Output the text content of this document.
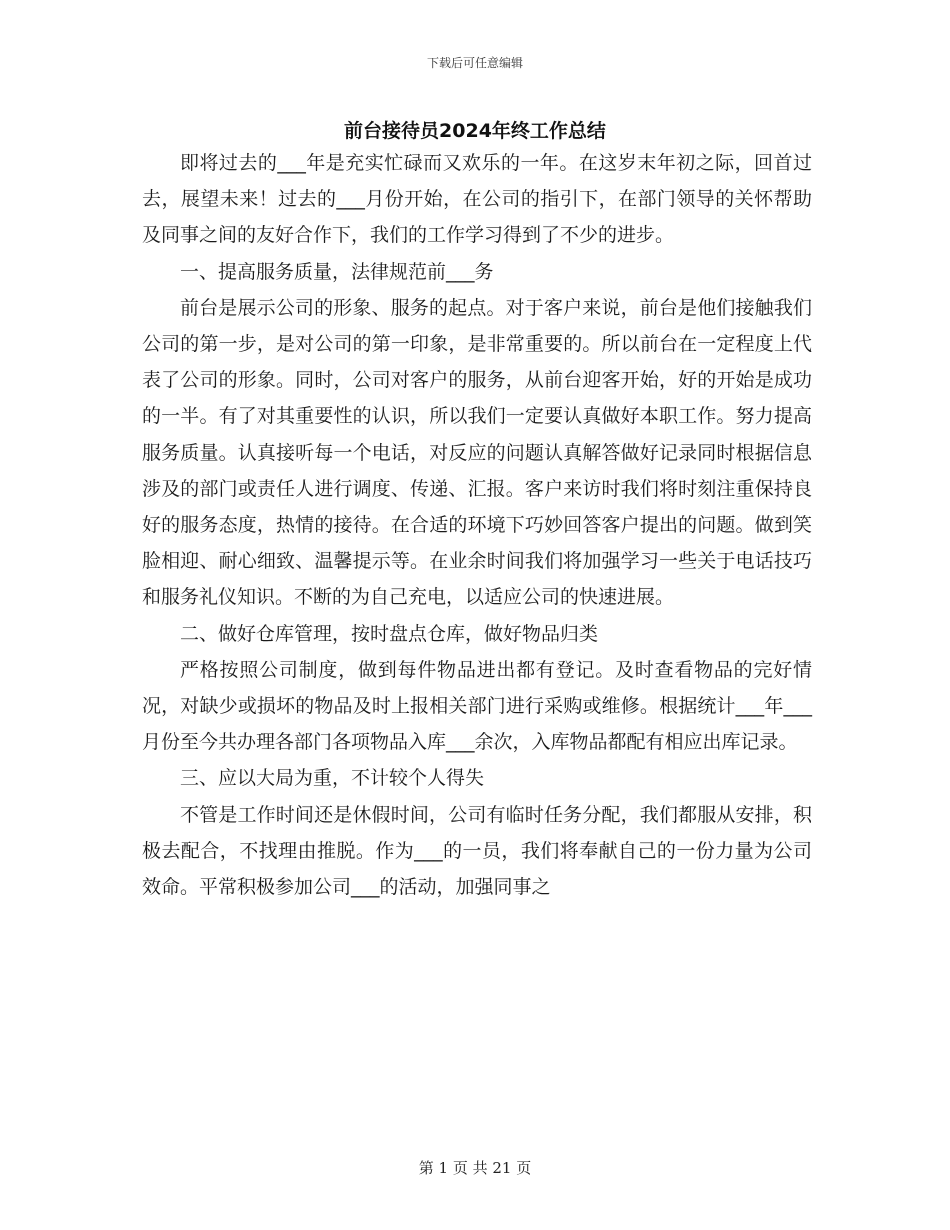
下载后可任意编辑
前台接待员2024年终工作总结

即将过去的___年是充实忙碌而又欢乐的一年。在这岁末年初之际，回首过去，展望未来！过去的___月份开始，在公司的指引下，在部门领导的关怀帮助及同事之间的友好合作下，我们的工作学习得到了不少的进步。

一、提高服务质量，法律规范前___务

前台是展示公司的形象、服务的起点。对于客户来说，前台是他们接触我们公司的第一步，是对公司的第一印象，是非常重要的。所以前台在一定程度上代表了公司的形象。同时，公司对客户的服务，从前台迎客开始，好的开始是成功的一半。有了对其重要性的认识，所以我们一定要认真做好本职工作。努力提高服务质量。认真接听每一个电话，对反应的问题认真解答做好记录同时根据信息涉及的部门或责任人进行调度、传递、汇报。客户来访时我们将时刻注重保持良好的服务态度，热情的接待。在合适的环境下巧妙回答客户提出的问题。做到笑脸相迎、耐心细致、温馨提示等。在业余时间我们将加强学习一些关于电话技巧和服务礼仪知识。不断的为自己充电，以适应公司的快速进展。

二、做好仓库管理，按时盘点仓库，做好物品归类

严格按照公司制度，做到每件物品进出都有登记。及时查看物品的完好情况，对缺少或损坏的物品及时上报相关部门进行采购或维修。根据统计___年___月份至今共办理各部门各项物品入库___余次，入库物品都配有相应出库记录。

三、应以大局为重，不计较个人得失

不管是工作时间还是休假时间，公司有临时任务分配，我们都服从安排，积极去配合，不找理由推脱。作为___的一员，我们将奉献自己的一份力量为公司效命。平常积极参加公司___的活动，加强同事之

第 1 页 共 21 页
